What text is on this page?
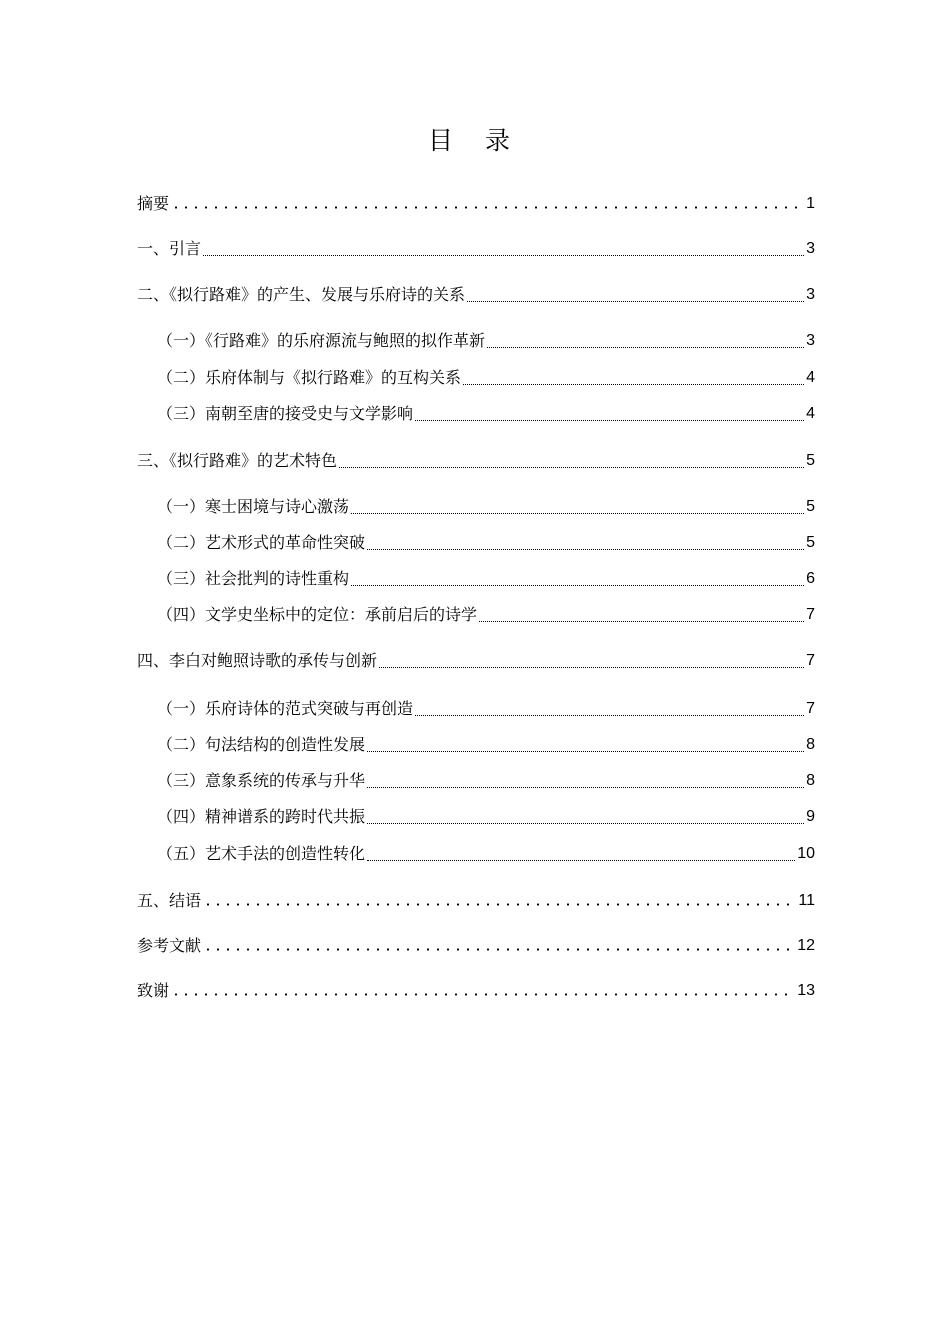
目 录
摘要	1
一、引言	3
二、《拟行路难》的产生、发展与乐府诗的关系	3
（一）《行路难》的乐府源流与鲍照的拟作革新	3
（二）乐府体制与《拟行路难》的互构关系	4
（三）南朝至唐的接受史与文学影响	4
三、《拟行路难》的艺术特色	5
（一）寒士困境与诗心激荡	5
（二）艺术形式的革命性突破	5
（三）社会批判的诗性重构	6
（四）文学史坐标中的定位：承前启后的诗学	7
四、李白对鲍照诗歌的承传与创新	7
（一）乐府诗体的范式突破与再创造	7
（二）句法结构的创造性发展	8
（三）意象系统的传承与升华	8
（四）精神谱系的跨时代共振	9
（五）艺术手法的创造性转化	10
五、结语	11
参考文献	12
致谢	13
